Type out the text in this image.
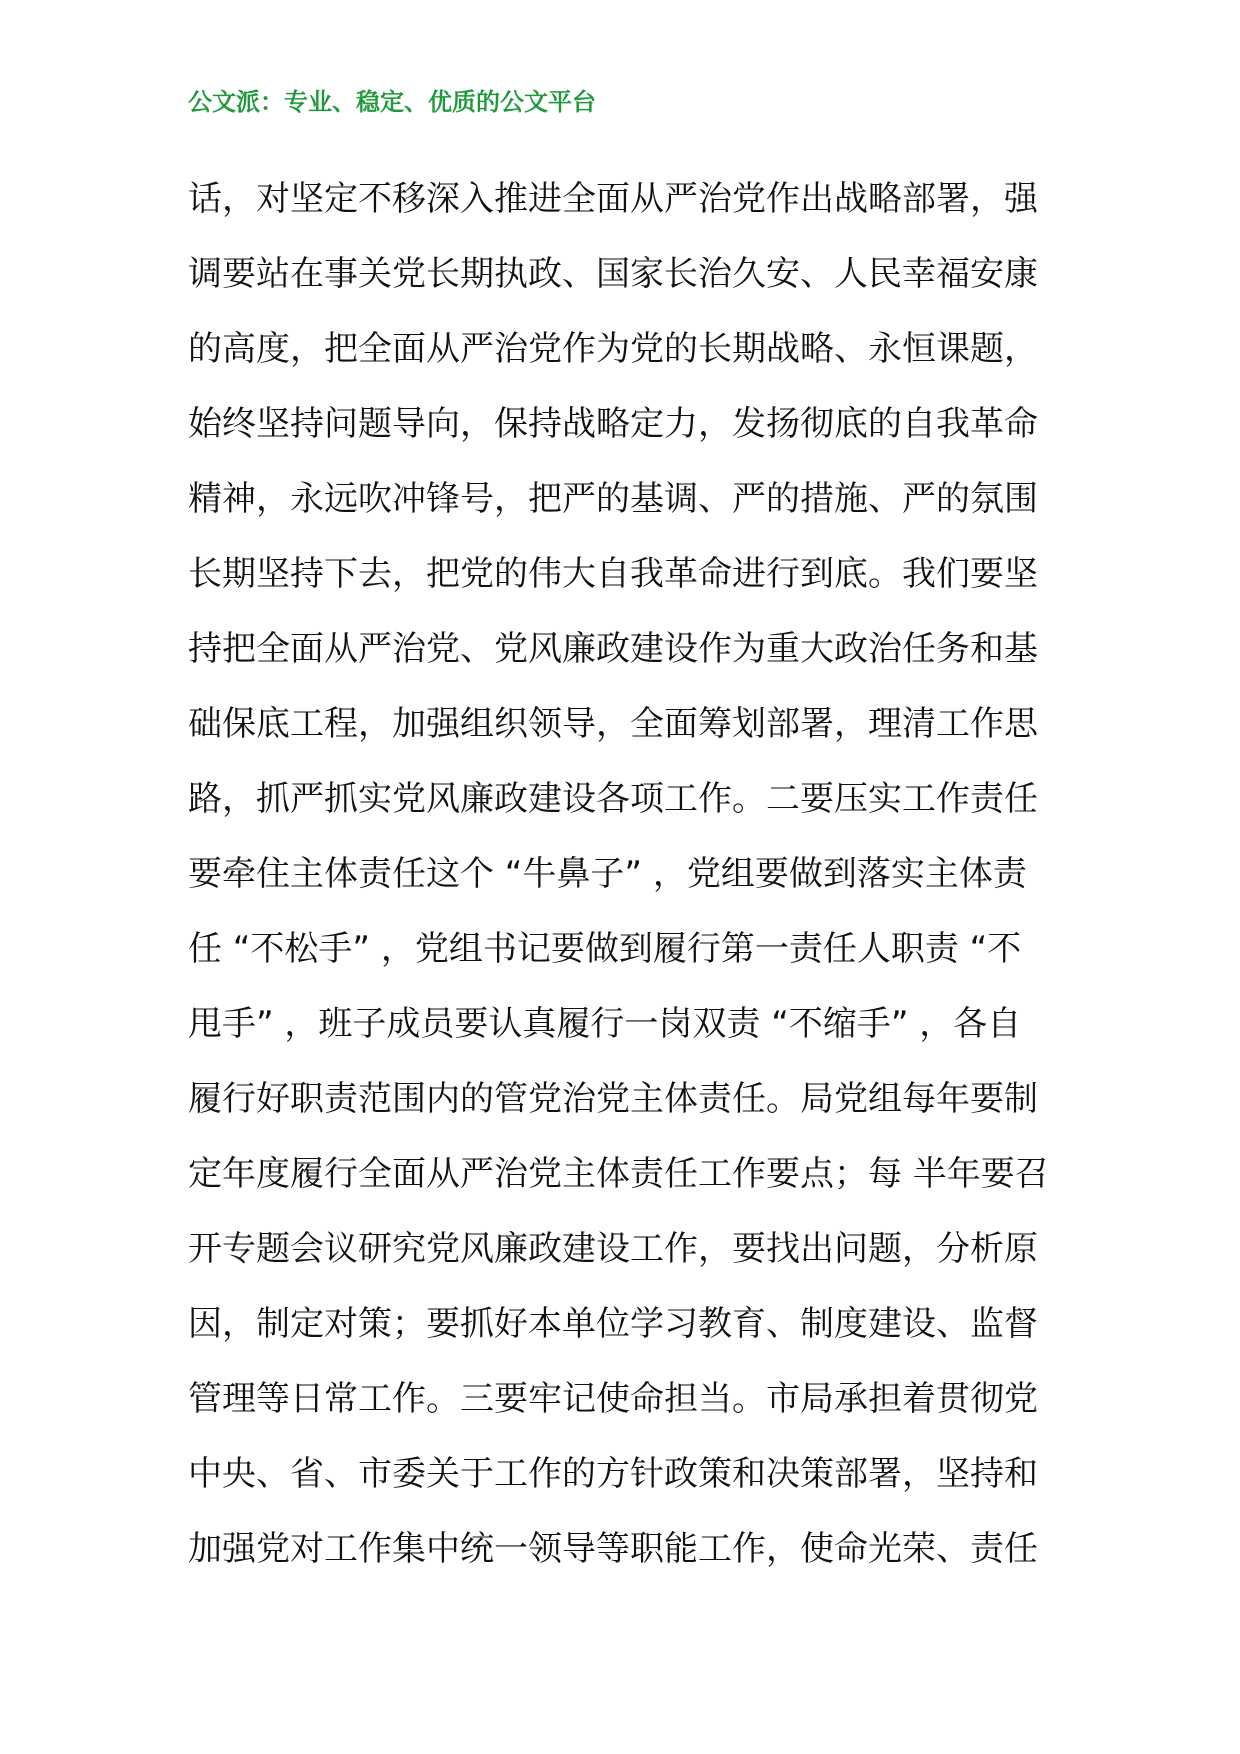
公文派：专业、稳定、优质的公文平台
话，对坚定不移深入推进全面从严治党作出战略部署，强
调要站在事关党长期执政、国家长治久安、人民幸福安康
的高度，把全面从严治党作为党的长期战略、永恒课题，
始终坚持问题导向，保持战略定力，发扬彻底的自我革命
精神，永远吹冲锋号，把严的基调、严的措施、严的氛围
长期坚持下去，把党的伟大自我革命进行到底。我们要坚
持把全面从严治党、党风廉政建设作为重大政治任务和基
础保底工程，加强组织领导，全面筹划部署，理清工作思
路，抓严抓实党风廉政建设各项工作。二要压实工作责任
要牵住主体责任这个 “牛鼻子” ，党组要做到落实主体责
任 “不松手” ，党组书记要做到履行第一责任人职责 “不
甩手” ，班子成员要认真履行一岗双责 “不缩手” ，各自
履行好职责范围内的管党治党主体责任。局党组每年要制
定年度履行全面从严治党主体责任工作要点；每 半年要召
开专题会议研究党风廉政建设工作，要找出问题，分析原
因，制定对策；要抓好本单位学习教育、制度建设、监督
管理等日常工作。三要牢记使命担当。市局承担着贯彻党
中央、省、市委关于工作的方针政策和决策部署，坚持和
加强党对工作集中统一领导等职能工作，使命光荣、责任
